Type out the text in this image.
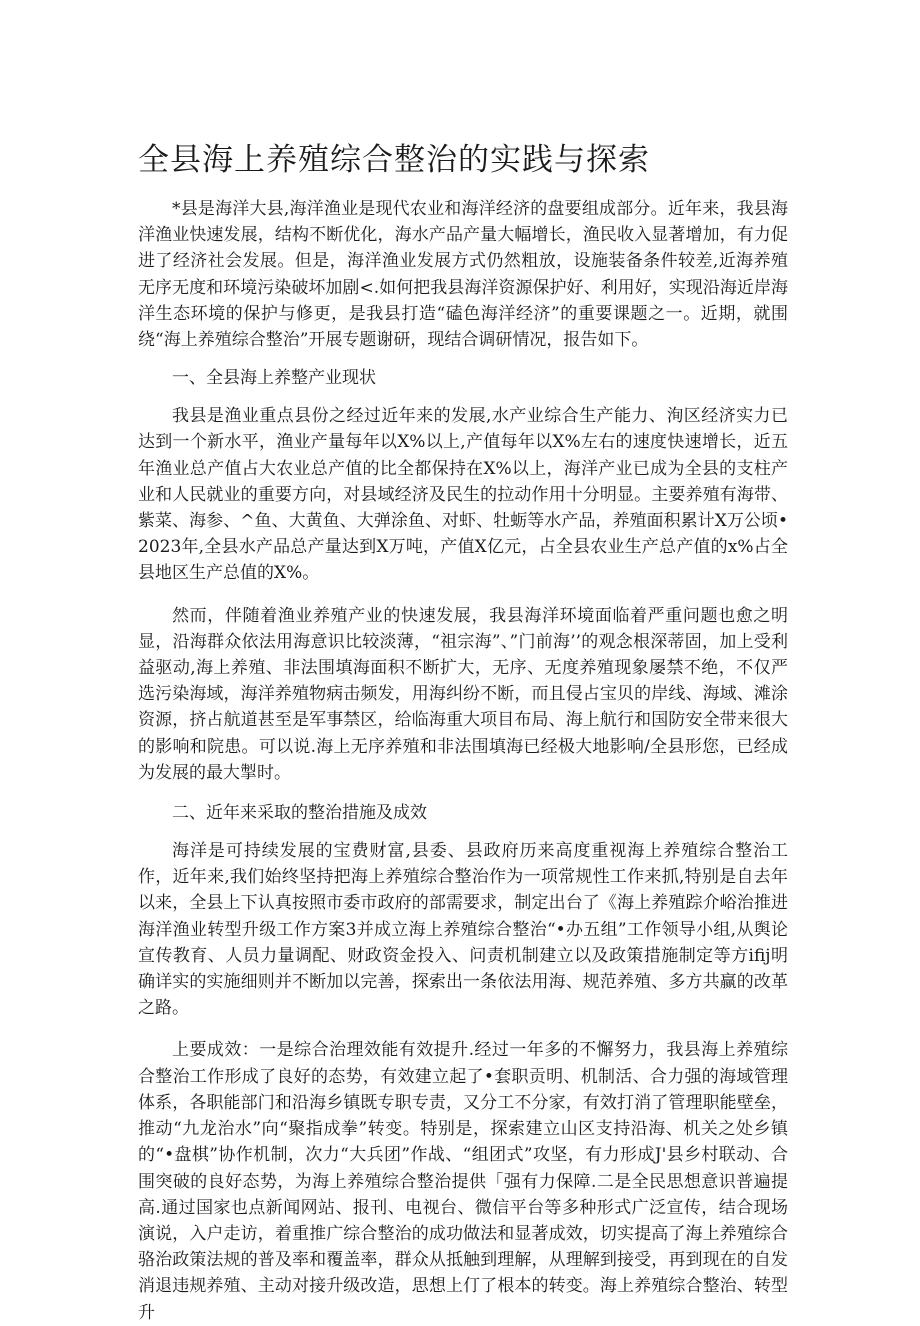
全县海上养殖综合整治的实践与探索

*县是海洋大县,海洋渔业是现代农业和海洋经济的盘要组成部分。近年来，我县海洋渔业快速发展，结构不断优化，海水产品产量大幅增长，渔民收入显著增加，有力促进了经济社会发展。但是，海洋渔业发展方式仍然粗放，设施装备条件较差,近海养殖无序无度和环境污染破坏加剧<.如何把我县海洋资源保护好、利用好，实现沿海近岸海洋生态环境的保护与修更，是我县打造“磕色海洋经济”的重要课题之一。近期，就围绕“海上养殖综合整治”开展专题谢研，现结合调研情况，报告如下。

一、全县海上养整产业现状

我县是渔业重点县份之经过近年来的发展,水产业综合生产能力、洵区经济实力已达到一个新水平，渔业产量每年以X%以上,产值每年以X%左右的速度快速增长，近五年渔业总产值占大农业总产值的比全都保持在X%以上，海洋产业已成为全县的支柱产业和人民就业的重要方向，对县域经济及民生的拉动作用十分明显。主要养殖有海带、紫菜、海参、^鱼、大黄鱼、大弹涂鱼、对虾、牡蛎等水产品，养殖面积累计X万公顷•2023年,全县水产品总产量达到X万吨，产值X亿元，占全县农业生产总产值的x%占全县地区生产总值的X%。

然而，伴随着渔业养殖产业的快速发展，我县海洋环境面临着严重问题也愈之明显，沿海群众依法用海意识比较淡薄，“祖宗海”、”门前海’’的观念根深蒂固，加上受利益驱动,海上养殖、非法围填海面积不断扩大，无序、无度养殖现象屡禁不绝，不仅严选污染海域，海洋养殖物病击频发，用海纠纷不断，而且侵占宝贝的岸线、海域、滩涂资源，挤占航道甚至是军事禁区，给临海重大项目布局、海上航行和国防安全带来很大的影响和院患。可以说.海上无序养殖和非法围填海已经极大地影响/全县形您，已经成为发展的最大掣时。

二、近年来采取的整治措施及成效

海洋是可持续发展的宝费财富,县委、县政府历来高度重视海上养殖综合整治工作，近年来,我们始终坚持把海上养殖综合整治作为一项常规性工作来抓,特别是自去年以来，全县上下认真按照市委市政府的部需要求，制定出台了《海上养殖踪介峪治推进海洋渔业转型升级工作方案3并成立海上养殖综合整治“•办五组”工作领导小组,从舆论宣传教育、人员力量调配、财政资金投入、问责机制建立以及政策措施制定等方ifij明确详实的实施细则并不断加以完善，探索出一条依法用海、规范养殖、多方共赢的改革之路。

上要成效：一是综合治理效能有效提升.经过一年多的不懈努力，我县海上养殖综合整治工作形成了良好的态势，有效建立起了•套职贡明、机制活、合力强的海域管理体系，各职能部门和沿海乡镇既专职专责，又分工不分家，有效打消了管理职能壁垒，推动“九龙治水”向“聚指成拳”转变。特别是，探索建立山区支持沿海、机关之处乡镇的“•盘棋”协作机制，次力“大兵团”作战、“组团式”攻坚，有力形成J'县乡村联动、合围突破的良好态势，为海上养殖综合整治提供「强有力保障.二是全民思想意识普遍提高.通过国家也点新闻网站、报刊、电视台、微信平台等多种形式广泛宣传，结合现场演说，入户走访，着重推广综合整治的成功做法和显著成效，切实提高了海上养殖综合骆治政策法规的普及率和覆盖率，群众从抵触到理解，从理解到接受，再到现在的自发消退违规养殖、主动对接升级改造，思想上仃了根本的转变。海上养殖综合整治、转型升
